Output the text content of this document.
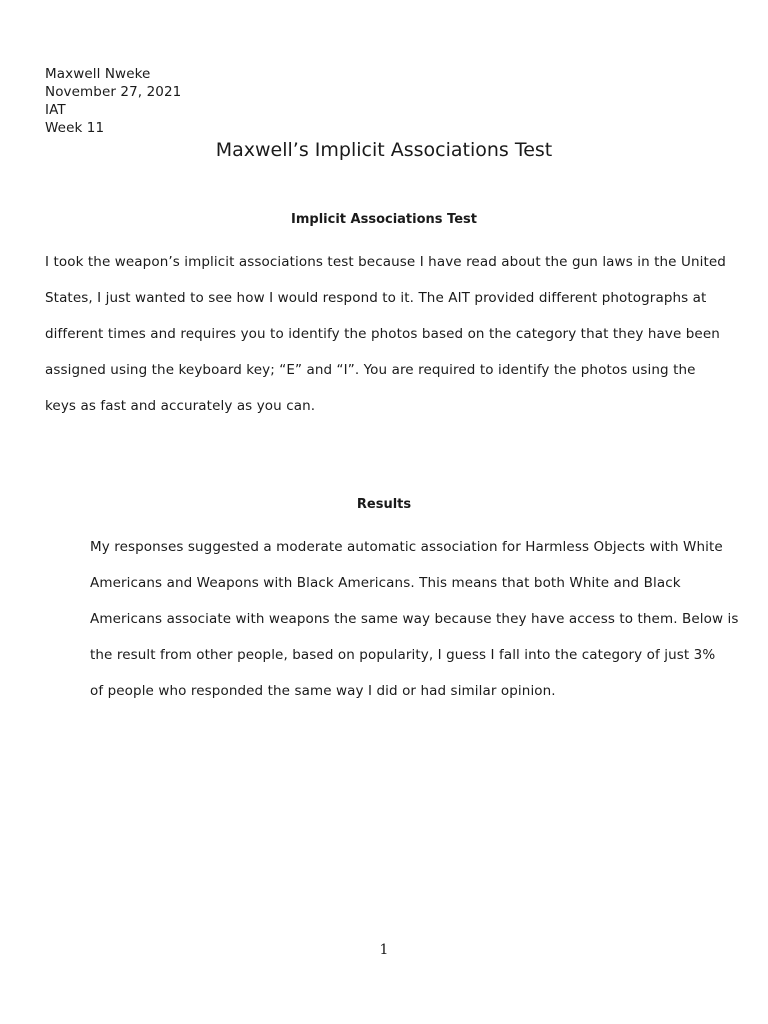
Maxwell Nweke
November 27, 2021
IAT
Week 11
Maxwell’s Implicit Associations Test
Implicit Associations Test
I took the weapon’s implicit associations test because I have read about the gun laws in the United
States, I just wanted to see how I would respond to it. The AIT provided different photographs at
different times and requires you to identify the photos based on the category that they have been
assigned using the keyboard key; “E” and “I”. You are required to identify the photos using the
keys as fast and accurately as you can.
Results
My responses suggested a moderate automatic association for Harmless Objects with White
Americans and Weapons with Black Americans. This means that both White and Black
Americans associate with weapons the same way because they have access to them. Below is
the result from other people, based on popularity, I guess I fall into the category of just 3%
of people who responded the same way I did or had similar opinion.
1
